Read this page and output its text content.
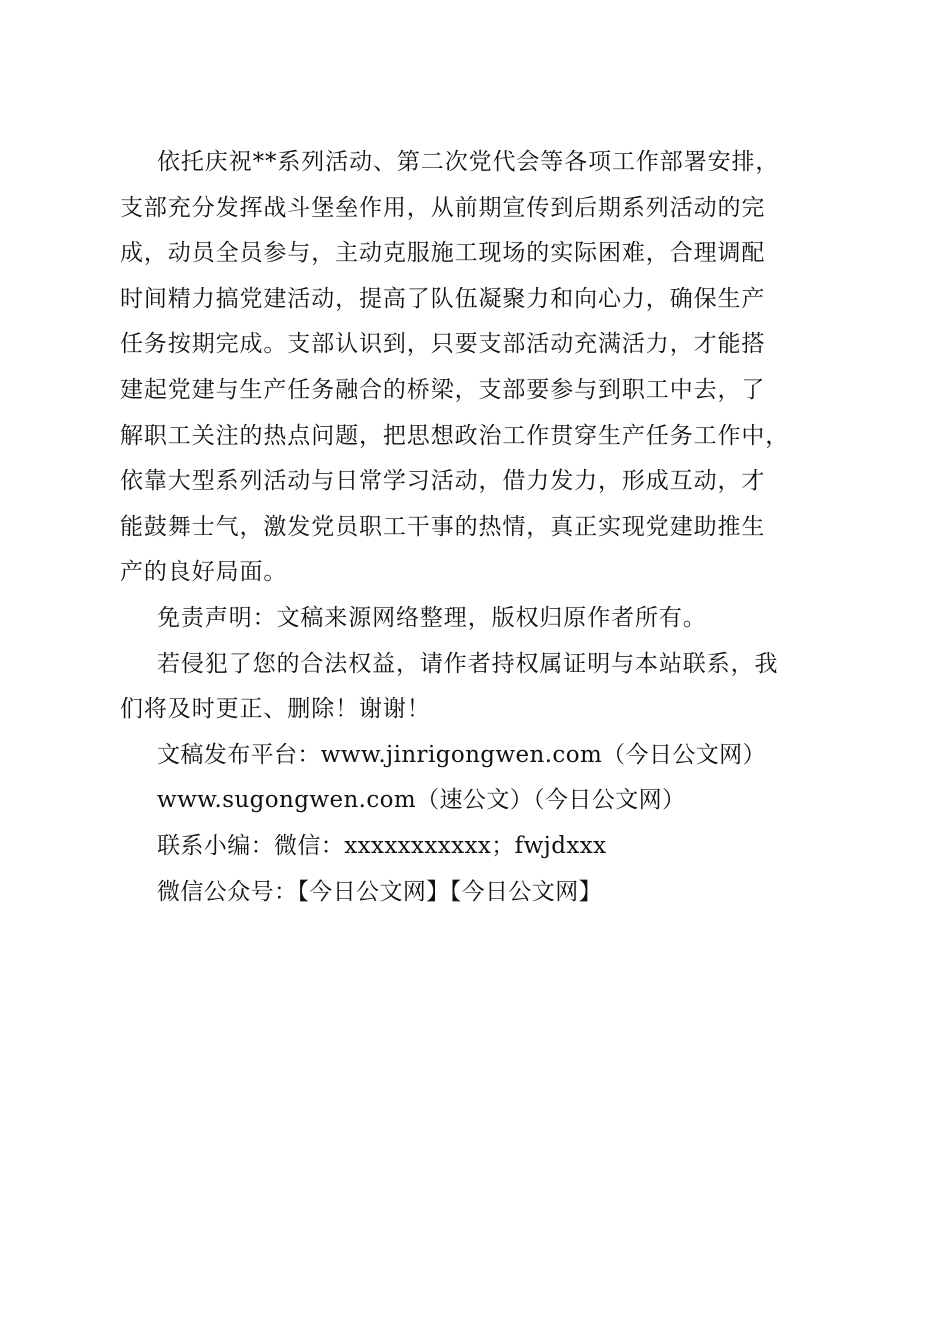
依托庆祝**系列活动、第二次党代会等各项工作部署安排，
支部充分发挥战斗堡垒作用，从前期宣传到后期系列活动的完
成，动员全员参与，主动克服施工现场的实际困难，合理调配
时间精力搞党建活动，提高了队伍凝聚力和向心力，确保生产
任务按期完成。支部认识到，只要支部活动充满活力，才能搭
建起党建与生产任务融合的桥梁，支部要参与到职工中去，了
解职工关注的热点问题，把思想政治工作贯穿生产任务工作中，
依靠大型系列活动与日常学习活动，借力发力，形成互动，才
能鼓舞士气，激发党员职工干事的热情，真正实现党建助推生
产的良好局面。
免责声明：文稿来源网络整理，版权归原作者所有。
若侵犯了您的合法权益，请作者持权属证明与本站联系，我
们将及时更正、删除！谢谢！
文稿发布平台：www.jinrigongwen.com（今日公文网）
www.sugongwen.com（速公文）（今日公文网）
联系小编：微信：xxxxxxxxxxx；fwjdxxx
微信公众号：【今日公文网】【今日公文网】
